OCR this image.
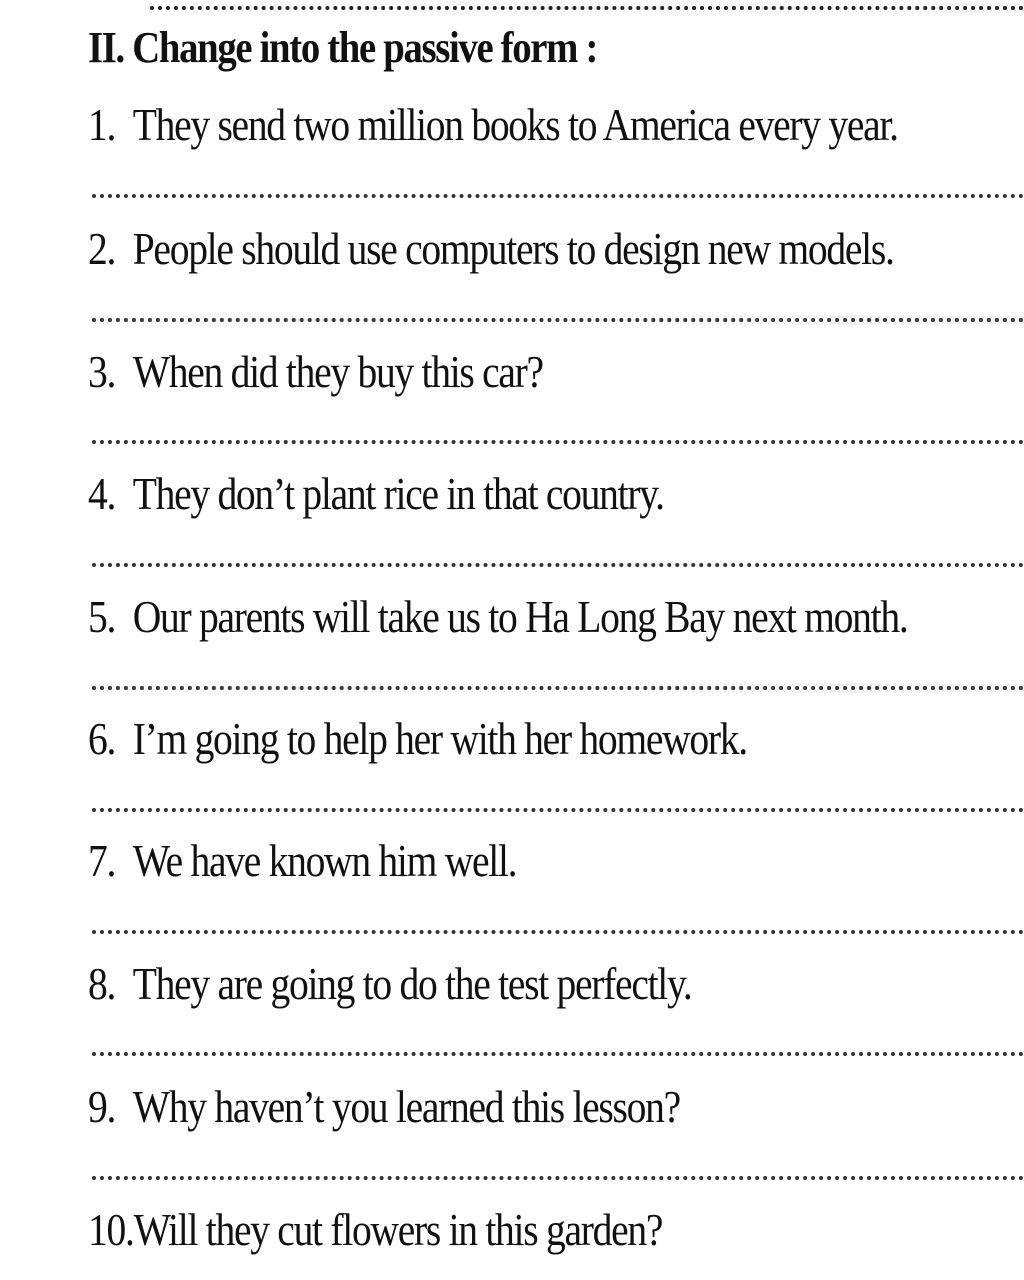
II. Change into the passive form :
1. They send two million books to America every year.
2. People should use computers to design new models.
3. When did they buy this car?
4. They don’t plant rice in that country.
5. Our parents will take us to Ha Long Bay next month.
6. I’m going to help her with her homework.
7. We have known him well.
8. They are going to do the test perfectly.
9. Why haven’t you learned this lesson?
10.Will they cut flowers in this garden?
